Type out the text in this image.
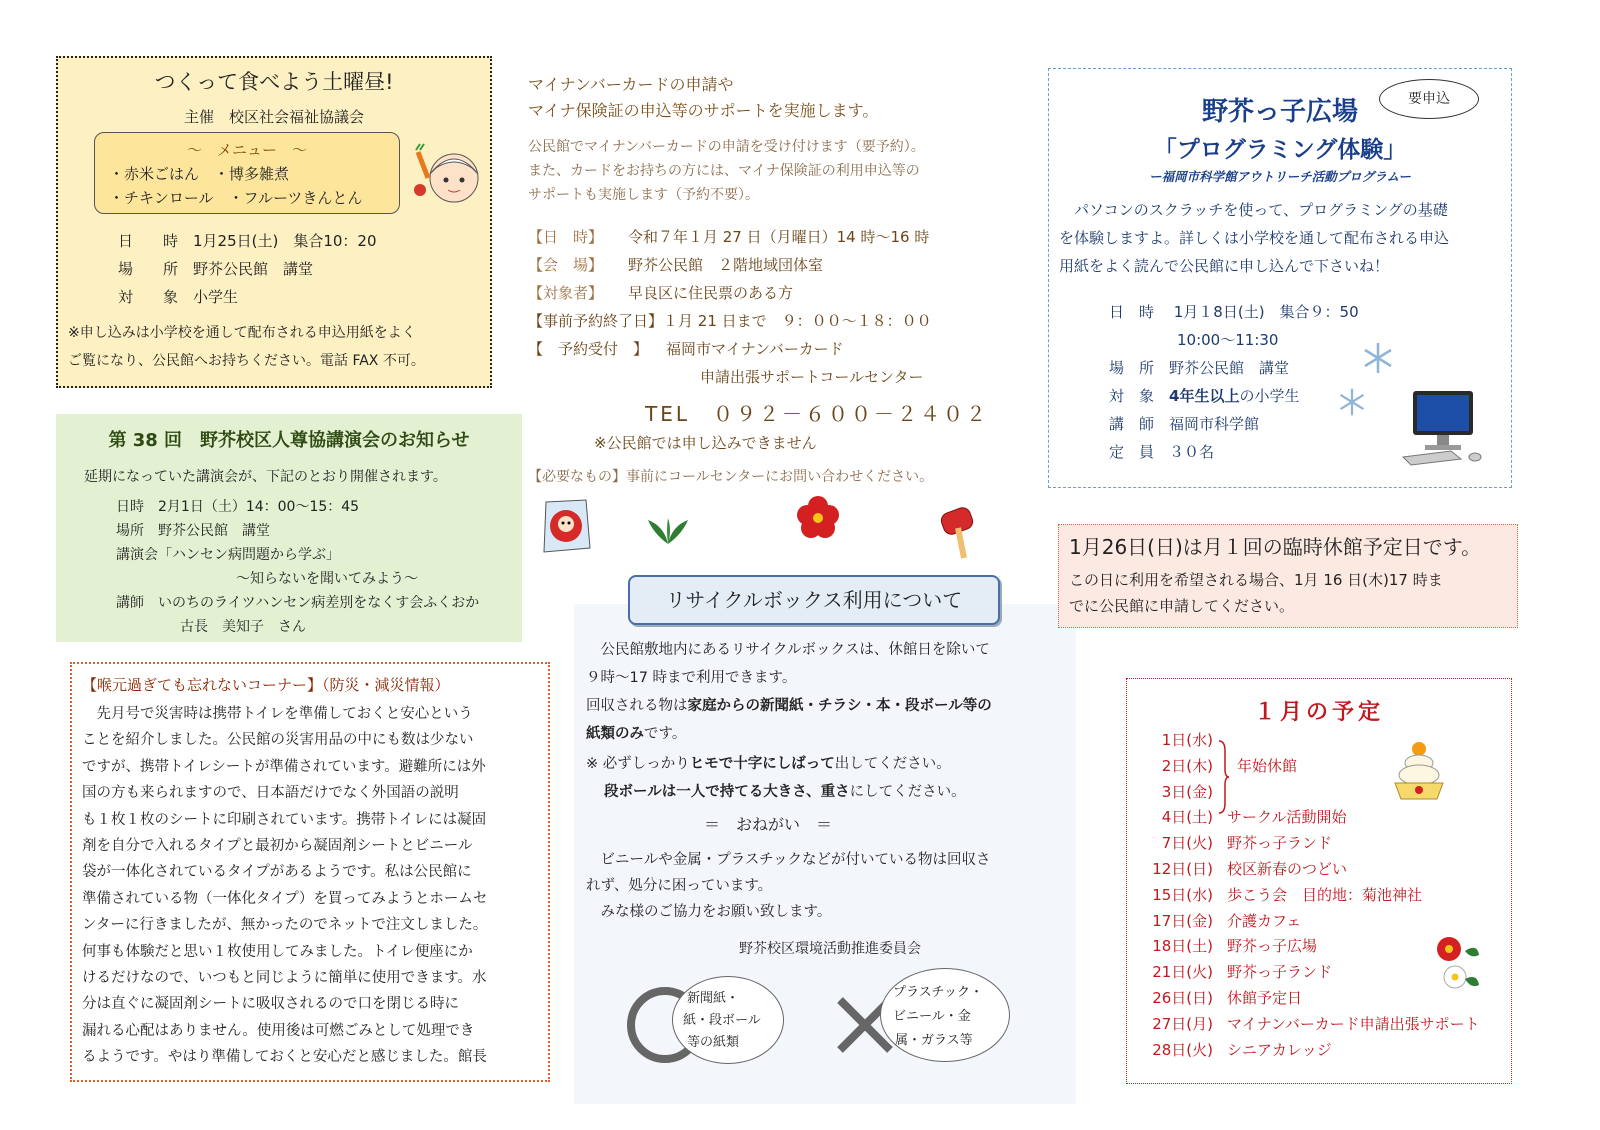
つくって食べよう土曜昼!
主催　校区社会福祉協議会
～　メニュー　～
・赤米ごはん　・博多雑煮
・チキンロール　・フルーツきんとん
日　　時　1月25日(土)　集合10：20
場　　所　野芥公民館　講堂
対　　象　小学生
※申し込みは小学校を通して配布される申込用紙をよく
ご覧になり、公民館へお持ちください。電話 FAX 不可。
第 38 回　野芥校区人尊協講演会のお知らせ
延期になっていた講演会が、下記のとおり開催されます。
日時　2月1日（土）14：00～15：45
場所　野芥公民館　講堂
講演会「ハンセン病問題から学ぶ」
～知らないを聞いてみよう～
講師　いのちのライツハンセン病差別をなくす会ふくおか
古長　美知子　さん
【喉元過ぎても忘れないコーナー】（防災・減災情報）
　先月号で災害時は携帯トイレを準備しておくと安心という
ことを紹介しました。公民館の災害用品の中にも数は少ない
ですが、携帯トイレシートが準備されています。避難所には外
国の方も来られますので、日本語だけでなく外国語の説明
も１枚１枚のシートに印刷されています。携帯トイレには凝固
剤を自分で入れるタイプと最初から凝固剤シートとビニール
袋が一体化されているタイプがあるようです。私は公民館に
準備されている物（一体化タイプ）を買ってみようとホームセ
ンターに行きましたが、無かったのでネットで注文しました。
何事も体験だと思い１枚使用してみました。トイレ便座にか
けるだけなので、いつもと同じように簡単に使用できます。水
分は直ぐに凝固剤シートに吸収されるので口を閉じる時に
漏れる心配はありません。使用後は可燃ごみとして処理でき
るようです。やはり準備しておくと安心だと感じました。館長
マイナンバーカードの申請や
マイナ保険証の申込等のサポートを実施します。
公民館でマイナンバーカードの申請を受け付けます（要予約）。
また、カードをお持ちの方には、マイナ保険証の利用申込等の
サポートも実施します（予約不要）。
【日　時】 令和７年１月 27 日（月曜日）14 時～16 時
【会　場】 野芥公民館　２階地域団体室
【対象者】 早良区に住民票のある方
【事前予約終了日】１月 21 日まで　９：００～１８：００
【　予約受付　】 福岡市マイナンバーカード
申請出張サポートコールセンター
TEL　０９２－６００－２４０２
※公民館では申し込みできません
【必要なもの】事前にコールセンターにお問い合わせください。
　公民館敷地内にあるリサイクルボックスは、休館日を除いて
９時～17 時まで利用できます。
回収される物は家庭からの新聞紙・チラシ・本・段ボール等の
紙類のみです。
※ 必ずしっかりヒモで十字にしばって出してください。
段ボールは一人で持てる大きさ、重さにしてください。
＝　おねがい　＝
　ビニールや金属・プラスチックなどが付いている物は回収さ
れず、処分に困っています。
　みな様のご協力をお願い致します。
野芥校区環境活動推進委員会
新聞紙・
紙・段ボール
等の紙類
プラスチック・
ビニール・金
属・ガラス等
リサイクルボックス利用について
要申込
野芥っ子広場
「プログラミング体験」
ー福岡市科学館アウトリーチ活動プログラムー
　パソコンのスクラッチを使って、プログラミングの基礎
を体験しますよ。詳しくは小学校を通して配布される申込
用紙をよく読んで公民館に申し込んで下さいね！
日　時　 1月１8日(土)　集合９：50
10:00～11:30
場　所　野芥公民館　講堂
対　象　4年生以上の小学生
講　師　福岡市科学館
定　員　３０名
1月26日(日)は月１回の臨時休館予定日です。
この日に利用を希望される場合、1月 16 日(木)17 時ま
でに公民館に申請してください。
１月の予定
1日(水)
2日(木) 年始休館
3日(金)
4日(土) サークル活動開始
7日(火) 野芥っ子ランド
12日(日) 校区新春のつどい
15日(水) 歩こう会　目的地：菊池神社
17日(金) 介護カフェ
18日(土) 野芥っ子広場
21日(火) 野芥っ子ランド
26日(日) 休館予定日
27日(月) マイナンバーカード申請出張サポート
28日(火) シニアカレッジ
